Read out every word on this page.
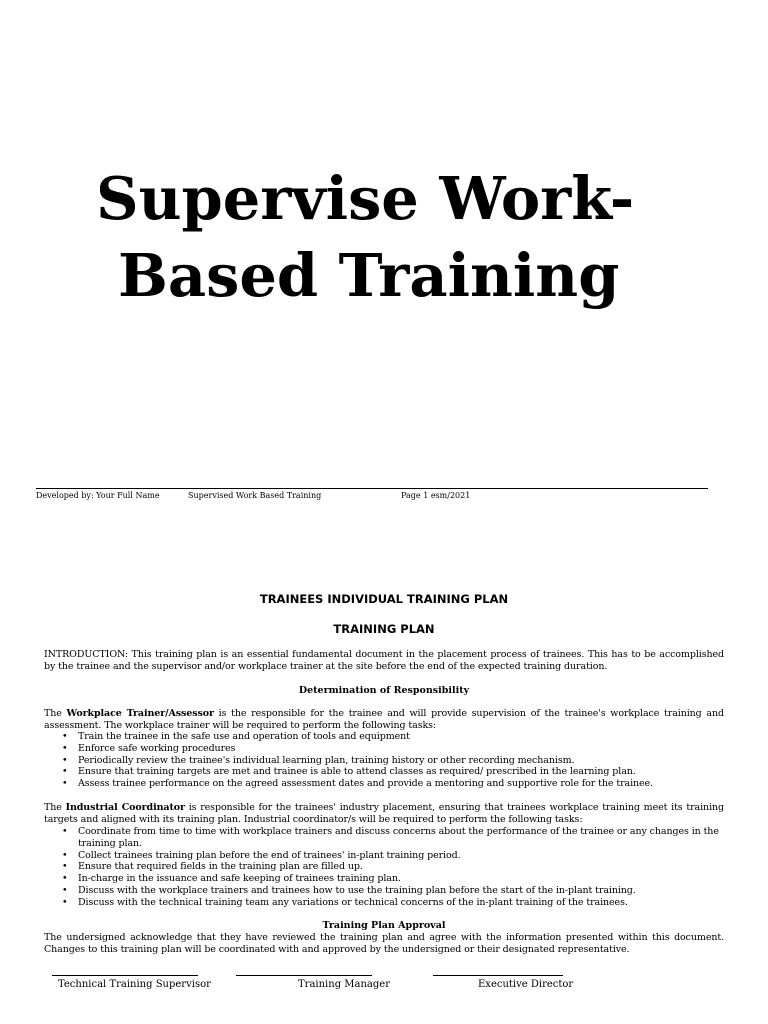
Supervise Work-
Based Training
Developed by: Your Full Name	Supervised Work Based Training	Page 1 esm/2021
TRAINEES INDIVIDUAL TRAINING PLAN
TRAINING PLAN

INTRODUCTION: This training plan is an essential fundamental document in the placement process of trainees. This has to be accomplished by the trainee and the supervisor and/or workplace trainer at the site before the end of the expected training duration.

Determination of Responsibility

The Workplace Trainer/Assessor is the responsible for the trainee and will provide supervision of the trainee's workplace training and assessment. The workplace trainer will be required to perform the following tasks:

• Train the trainee in the safe use and operation of tools and equipment
• Enforce safe working procedures
• Periodically review the trainee's individual learning plan, training history or other recording mechanism.
• Ensure that training targets are met and trainee is able to attend classes as required/ prescribed in the learning plan.
• Assess trainee performance on the agreed assessment dates and provide a mentoring and supportive role for the trainee.

The Industrial Coordinator is responsible for the trainees' industry placement, ensuring that trainees workplace training meet its training targets and aligned with its training plan. Industrial coordinator/s will be required to perform the following tasks:

• Coordinate from time to time with workplace trainers and discuss concerns about the performance of the trainee or any changes in the training plan.
• Collect trainees training plan before the end of trainees' in-plant training period.
• Ensure that required fields in the training plan are filled up.
• In-charge in the issuance and safe keeping of trainees training plan.
• Discuss with the workplace trainers and trainees how to use the training plan before the start of the in-plant training.
• Discuss with the technical training team any variations or technical concerns of the in-plant training of the trainees.
Training Plan Approval

The undersigned acknowledge that they have reviewed the training plan and agree with the information presented within this document. Changes to this training plan will be coordinated with and approved by the undersigned or their designated representative.

Technical Training Supervisor	Training Manager	Executive Director
